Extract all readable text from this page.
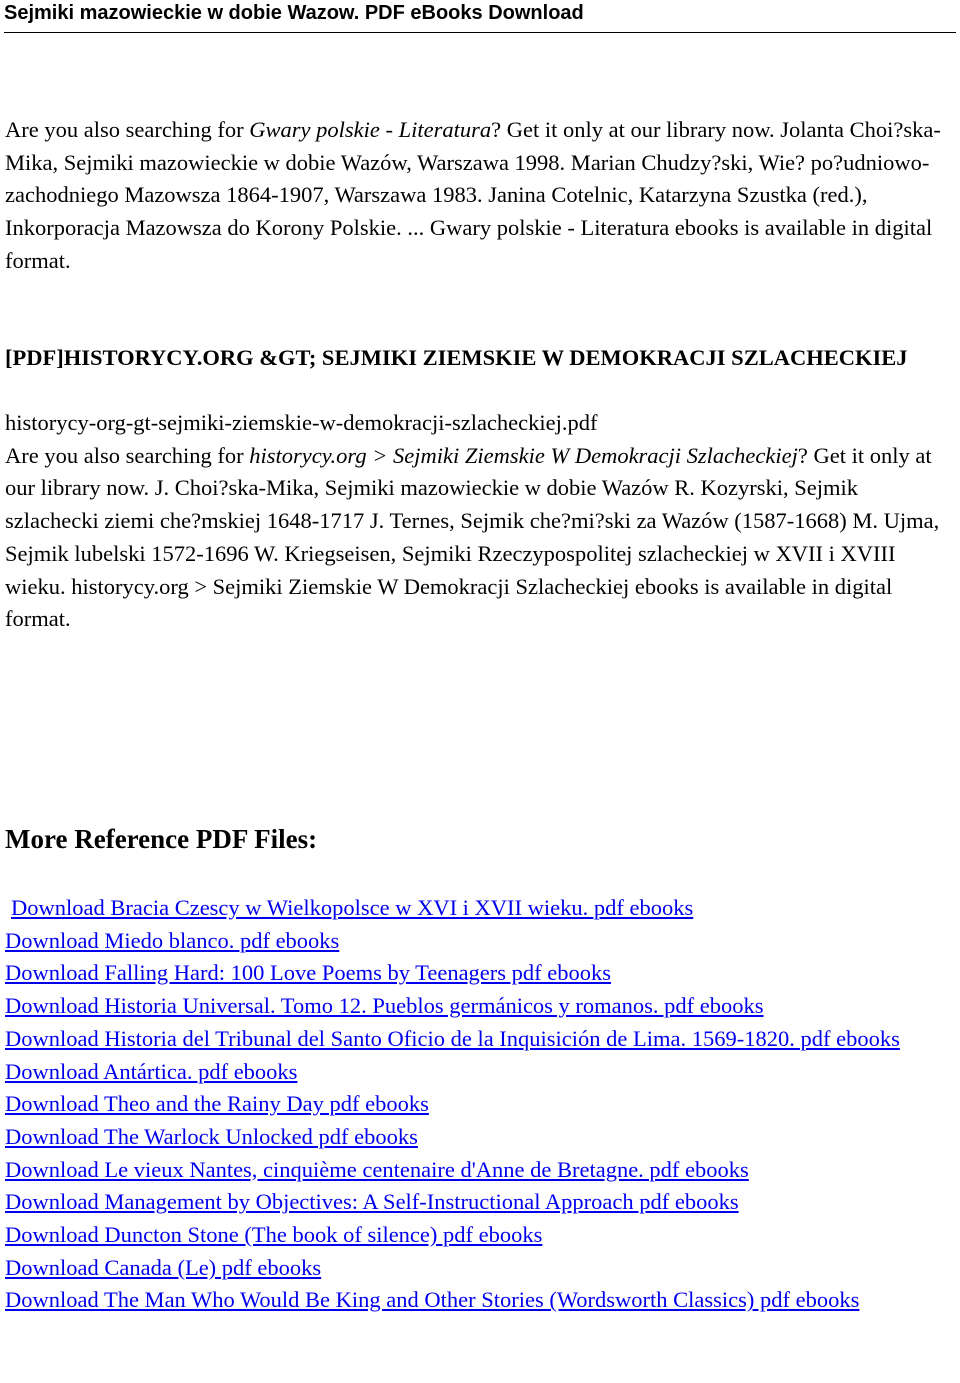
Sejmiki mazowieckie w dobie Wazow. PDF eBooks Download

Are you also searching for Gwary polskie - Literatura? Get it only at our library now. Jolanta Choi?ska-Mika, Sejmiki mazowieckie w dobie Wazów, Warszawa 1998. Marian Chudzy?ski, Wie? po?udniowo-zachodniego Mazowsza 1864-1907, Warszawa 1983. Janina Cotelnic, Katarzyna Szustka (red.), Inkorporacja Mazowsza do Korony Polskie. ... Gwary polskie - Literatura ebooks is available in digital format.

[PDF]HISTORYCY.ORG &GT; SEJMIKI ZIEMSKIE W DEMOKRACJI SZLACHECKIEJ

historycy-org-gt-sejmiki-ziemskie-w-demokracji-szlacheckiej.pdf
Are you also searching for historycy.org > Sejmiki Ziemskie W Demokracji Szlacheckiej? Get it only at our library now. J. Choi?ska-Mika, Sejmiki mazowieckie w dobie Wazów R. Kozyrski, Sejmik szlachecki ziemi che?mskiej 1648-1717 J. Ternes, Sejmik che?mi?ski za Wazów (1587-1668) M. Ujma, Sejmik lubelski 1572-1696 W. Kriegseisen, Sejmiki Rzeczypospolitej szlacheckiej w XVII i XVIII wieku. historycy.org > Sejmiki Ziemskie W Demokracji Szlacheckiej ebooks is available in digital format.

More Reference PDF Files:
Download Bracia Czescy w Wielkopolsce w XVI i XVII wieku. pdf ebooks
Download Miedo blanco. pdf ebooks
Download Falling Hard: 100 Love Poems by Teenagers pdf ebooks
Download Historia Universal. Tomo 12. Pueblos germánicos y romanos. pdf ebooks
Download Historia del Tribunal del Santo Oficio de la Inquisición de Lima. 1569-1820. pdf ebooks
Download Antártica. pdf ebooks
Download Theo and the Rainy Day pdf ebooks
Download The Warlock Unlocked pdf ebooks
Download Le vieux Nantes, cinquième centenaire d'Anne de Bretagne. pdf ebooks
Download Management by Objectives: A Self-Instructional Approach pdf ebooks
Download Duncton Stone (The book of silence) pdf ebooks
Download Canada (Le) pdf ebooks
Download The Man Who Would Be King and Other Stories (Wordsworth Classics) pdf ebooks
